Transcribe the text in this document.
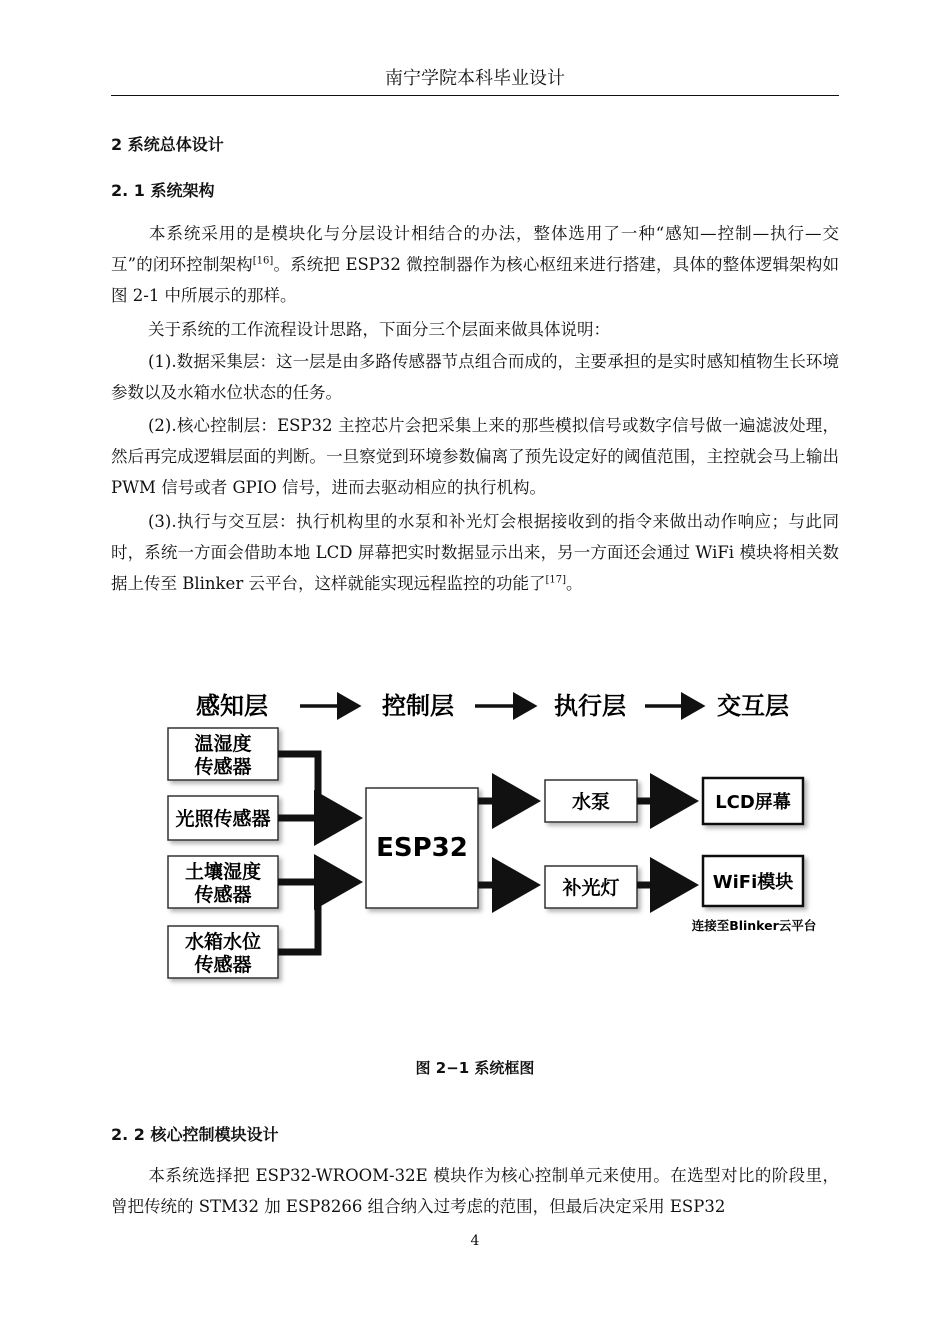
南宁学院本科毕业设计
2 系统总体设计
2. 1 系统架构

本系统采用的是模块化与分层设计相结合的办法，整体选用了一种“感知—控制—执行—交互”的闭环控制架构[16]。系统把 ESP32 微控制器作为核心枢纽来进行搭建，具体的整体逻辑架构如图 2-1 中所展示的那样。

关于系统的工作流程设计思路，下面分三个层面来做具体说明：

(1).数据采集层：这一层是由多路传感器节点组合而成的，主要承担的是实时感知植物生长环境参数以及水箱水位状态的任务。

(2).核心控制层：ESP32 主控芯片会把采集上来的那些模拟信号或数字信号做一遍滤波处理，然后再完成逻辑层面的判断。一旦察觉到环境参数偏离了预先设定好的阈值范围，主控就会马上输出 PWM 信号或者 GPIO 信号，进而去驱动相应的执行机构。

(3).执行与交互层：执行机构里的水泵和补光灯会根据接收到的指令来做出动作响应；与此同时，系统一方面会借助本地 LCD 屏幕把实时数据显示出来，另一方面还会通过 WiFi 模块将相关数据上传至 Blinker 云平台，这样就能实现远程监控的功能了[17]。

感知层	控制层	执行层	交互层
温湿度
传感器
光照传感器
土壤湿度
传感器
水箱水位
传感器
ESP32
水泵
补光灯
LCD屏幕
WiFi模块
连接至Blinker云平台
图 2−1 系统框图
2. 2 核心控制模块设计

本系统选择把 ESP32-WROOM-32E 模块作为核心控制单元来使用。在选型对比的阶段里，曾把传统的 STM32 加 ESP8266 组合纳入过考虑的范围，但最后决定采用 ESP32

4
